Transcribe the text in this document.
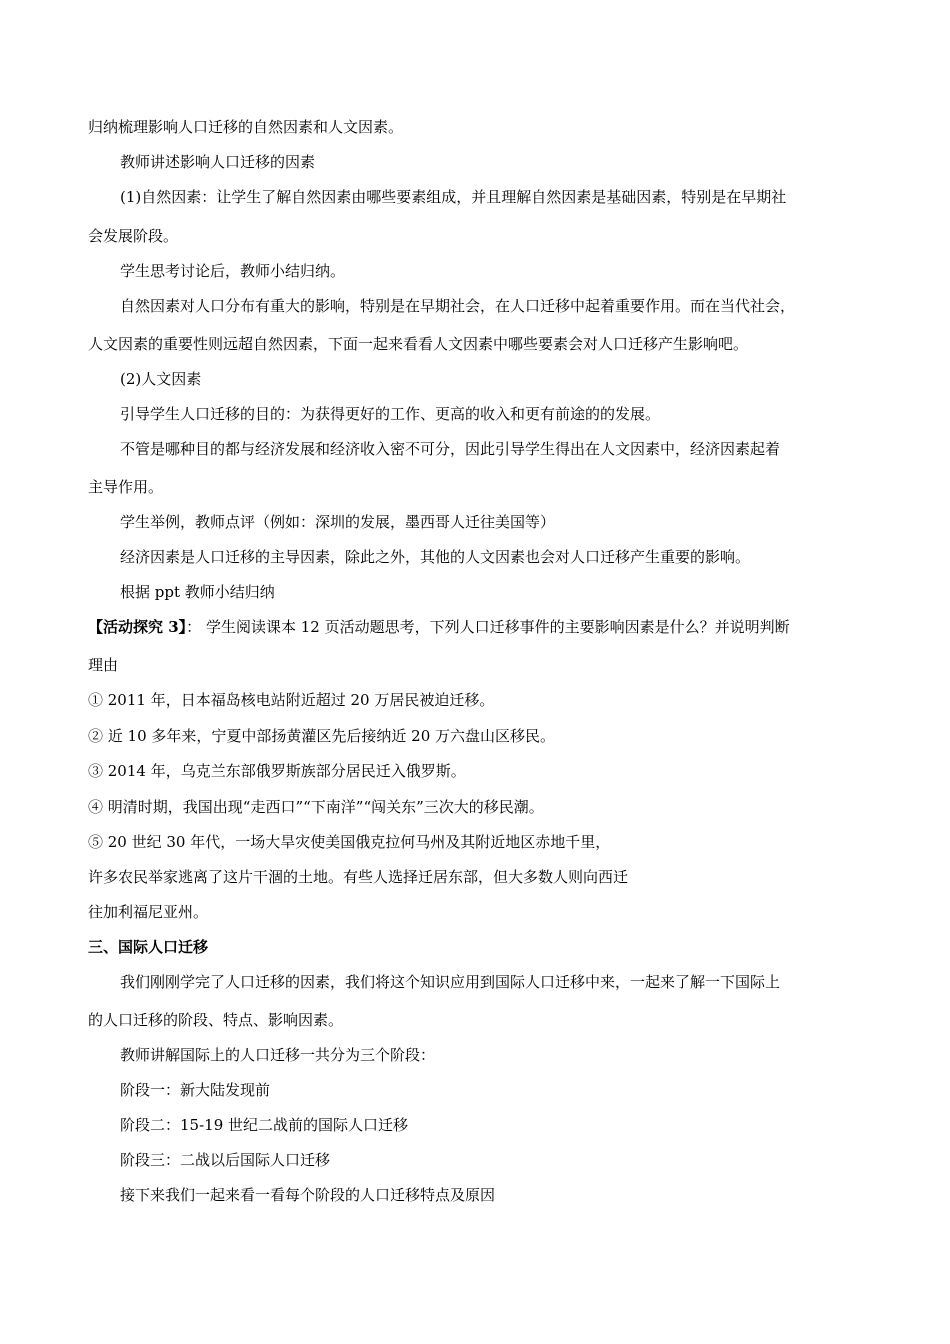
归纳梳理影响人口迁移的自然因素和人文因素。
教师讲述影响人口迁移的因素
(1)自然因素：让学生了解自然因素由哪些要素组成，并且理解自然因素是基础因素，特别是在早期社
会发展阶段。
学生思考讨论后，教师小结归纳。
自然因素对人口分布有重大的影响，特别是在早期社会，在人口迁移中起着重要作用。而在当代社会，
人文因素的重要性则远超自然因素，下面一起来看看人文因素中哪些要素会对人口迁移产生影响吧。
(2)人文因素
引导学生人口迁移的目的：为获得更好的工作、更高的收入和更有前途的的发展。
不管是哪种目的都与经济发展和经济收入密不可分，因此引导学生得出在人文因素中，经济因素起着
主导作用。
学生举例，教师点评（例如：深圳的发展，墨西哥人迁往美国等）
经济因素是人口迁移的主导因素，除此之外，其他的人文因素也会对人口迁移产生重要的影响。
根据 ppt 教师小结归纳
【活动探究 3】： 学生阅读课本 12 页活动题思考，下列人口迁移事件的主要影响因素是什么？并说明判断
理由
① 2011 年，日本福岛核电站附近超过 20 万居民被迫迁移。
② 近 10 多年来，宁夏中部扬黄灌区先后接纳近 20 万六盘山区移民。
③ 2014 年，乌克兰东部俄罗斯族部分居民迁入俄罗斯。
④ 明清时期，我国出现“走西口”“下南洋”“闯关东”三次大的移民潮。
⑤ 20 世纪 30 年代，一场大旱灾使美国俄克拉何马州及其附近地区赤地千里，
许多农民举家逃离了这片干涸的土地。有些人选择迁居东部，但大多数人则向西迁
往加利福尼亚州。
三、国际人口迁移
我们刚刚学完了人口迁移的因素，我们将这个知识应用到国际人口迁移中来，一起来了解一下国际上
的人口迁移的阶段、特点、影响因素。
教师讲解国际上的人口迁移一共分为三个阶段：
阶段一：新大陆发现前
阶段二：15-19 世纪二战前的国际人口迁移
阶段三：二战以后国际人口迁移
接下来我们一起来看一看每个阶段的人口迁移特点及原因
